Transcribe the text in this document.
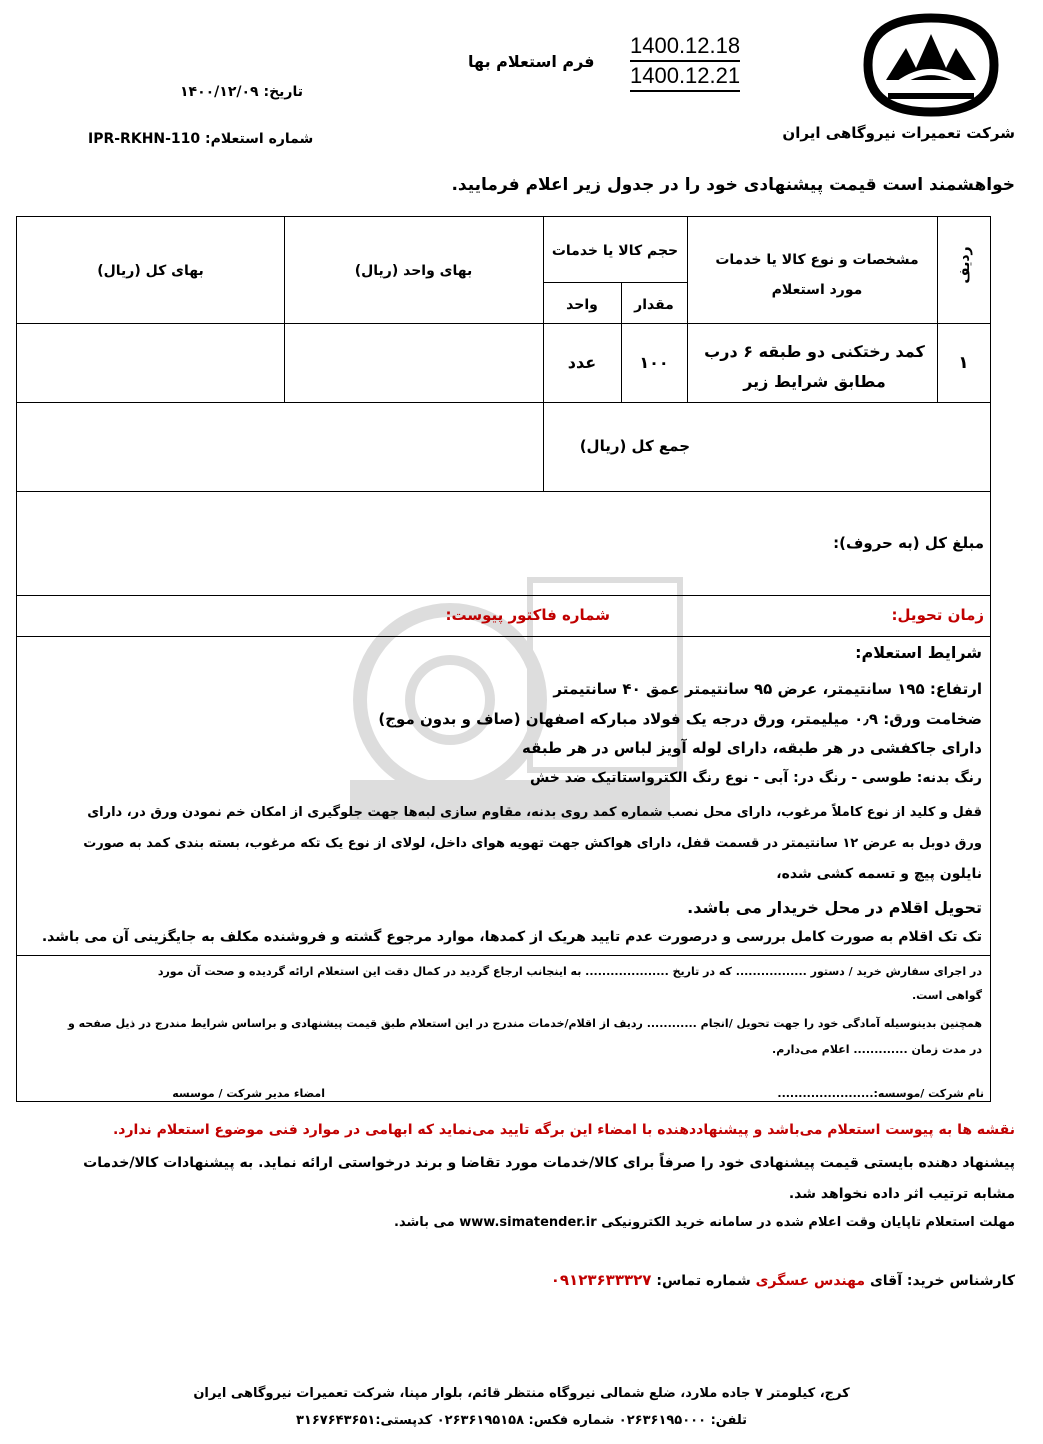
شرکت تعمیرات نیروگاهی ایران
فرم استعلام بها
1400.12.18
1400.12.21
تاریخ: ۱۴۰۰/۱۲/۰۹
شماره استعلام: IPR-RKHN-110
خواهشمند است قیمت پیشنهادی خود را در جدول زیر اعلام فرمایید.
ردیف
مشخصات و نوع کالا یا خدمات مورد استعلام
حجم کالا یا خدمات
مقدار
واحد
بهای واحد (ریال)
بهای کل (ریال)
۱
کمد رختکنی دو طبقه ۶ درب
مطابق شرایط زیر
۱۰۰
عدد
جمع کل (ریال)
مبلغ کل (به حروف):
زمان تحویل:
شماره فاکتور پیوست:
شرایط استعلام:
ارتفاع: ۱۹۵ سانتیمتر، عرض ۹۵ سانتیمتر عمق ۴۰ سانتیمتر
ضخامت ورق: ۰٫۹ میلیمتر، ورق درجه یک فولاد مبارکه اصفهان (صاف و بدون موج)
دارای جاکفشی در هر طبقه، دارای لوله آویز لباس در هر طبقه
رنگ بدنه: طوسی - رنگ در: آبی - نوع رنگ الکترواستاتیک ضد خش
قفل و کلید از نوع کاملاً مرغوب، دارای محل نصب شماره کمد روی بدنه، مقاوم سازی لبه‌ها جهت جلوگیری از امکان خم نمودن ورق در، دارای
ورق دوبل به عرض ۱۲ سانتیمتر در قسمت قفل، دارای هواکش جهت تهویه هوای داخل، لولای از نوع یک تکه مرغوب، بسته بندی کمد به صورت
نایلون پیچ و تسمه کشی شده،
تحویل اقلام در محل خریدار می باشد.
تک تک اقلام به صورت کامل بررسی و درصورت عدم تایید هریک از کمدها، موارد مرجوع گشته و فروشنده مکلف به جایگزینی آن می باشد.
در اجرای سفارش خرید / دستور ................. که در تاریخ .................... به اینجانب ارجاع گردید در کمال دقت این استعلام ارائه گردیده و صحت آن مورد
گواهی است.
همچنین بدینوسیله آمادگی خود را جهت تحویل /انجام ............ ردیف از اقلام/خدمات مندرج در این استعلام طبق قیمت پیشنهادی و براساس شرایط مندرج در ذیل صفحه و
در مدت زمان ............. اعلام می‌دارم.
نام شرکت /موسسه:.......................
امضاء مدیر شرکت / موسسه
نقشه ها به پیوست استعلام می‌باشد و پیشنهاددهنده با امضاء این برگه تایید می‌نماید که ابهامی در موارد فنی موضوع استعلام ندارد.
پیشنهاد دهنده بایستی قیمت پیشنهادی خود را صرفاً برای کالا/خدمات مورد تقاضا و برند درخواستی ارائه نماید. به پیشنهادات کالا/خدمات
مشابه ترتیب اثر داده نخواهد شد.
مهلت استعلام تاپایان وقت اعلام شده در سامانه خرید الکترونیکی www.simatender.ir می باشد.
کارشناس خرید: آقای مهندس عسگری شماره تماس: ۰۹۱۲۳۶۳۳۳۲۷
کرج، کیلومتر ۷ جاده ملارد، ضلع شمالی نیروگاه منتظر قائم، بلوار مپنا، شرکت تعمیرات نیروگاهی ایران
تلفن: ۰۲۶۳۶۱۹۵۰۰۰ شماره فکس: ۰۲۶۳۶۱۹۵۱۵۸ کدپستی:۳۱۶۷۶۴۳۶۵۱
